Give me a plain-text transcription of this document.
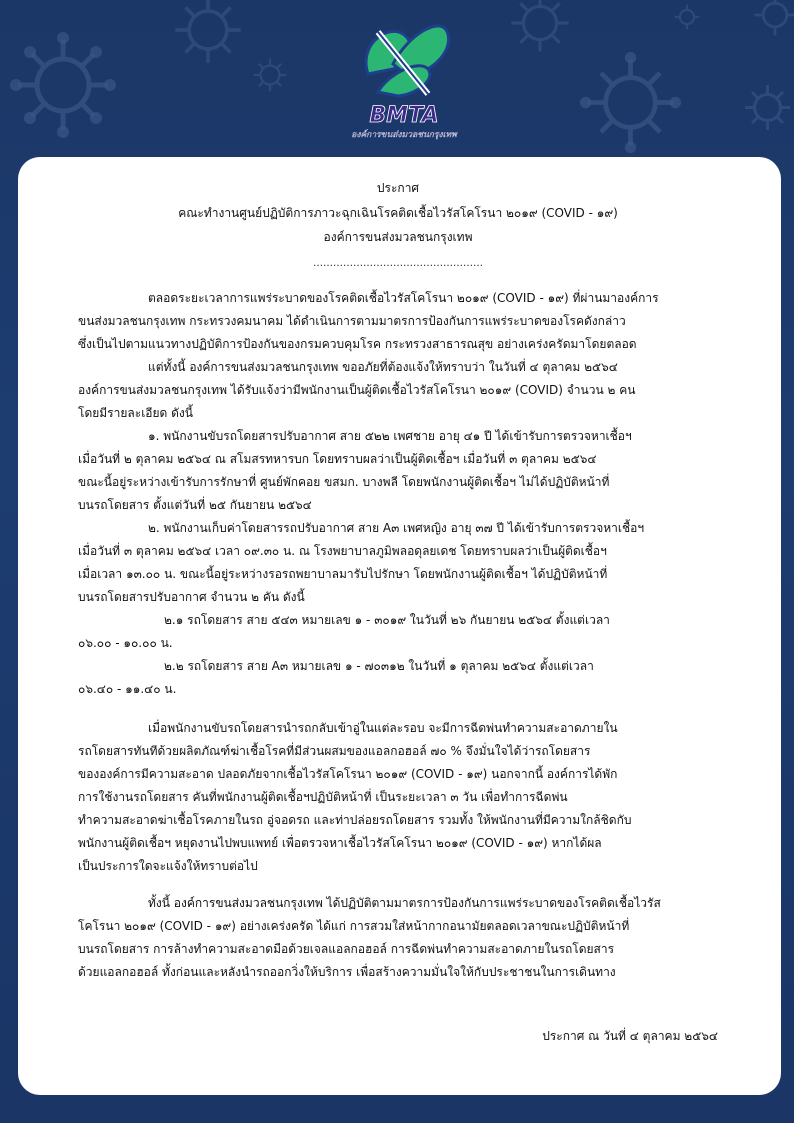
BMTA
องค์การขนส่งมวลชนกรุงเทพ
ประกาศ
คณะทำงานศูนย์ปฏิบัติการภาวะฉุกเฉินโรคติดเชื้อไวรัสโคโรนา ๒๐๑๙ (COVID - ๑๙)
องค์การขนส่งมวลชนกรุงเทพ
……………………………………………
ตลอดระยะเวลาการแพร่ระบาดของโรคติดเชื้อไวรัสโคโรนา ๒๐๑๙ (COVID - ๑๙) ที่ผ่านมาองค์การ
ขนส่งมวลชนกรุงเทพ กระทรวงคมนาคม ได้ดำเนินการตามมาตรการป้องกันการแพร่ระบาดของโรคดังกล่าว
ซึ่งเป็นไปตามแนวทางปฏิบัติการป้องกันของกรมควบคุมโรค กระทรวงสาธารณสุข อย่างเคร่งครัดมาโดยตลอด
แต่ทั้งนี้ องค์การขนส่งมวลชนกรุงเทพ ขออภัยที่ต้องแจ้งให้ทราบว่า ในวันที่ ๔ ตุลาคม ๒๕๖๔
องค์การขนส่งมวลชนกรุงเทพ ได้รับแจ้งว่ามีพนักงานเป็นผู้ติดเชื้อไวรัสโคโรนา ๒๐๑๙ (COVID) จำนวน ๒ คน
โดยมีรายละเอียด ดังนี้
๑. พนักงานขับรถโดยสารปรับอากาศ สาย ๕๒๒ เพศชาย อายุ ๔๑ ปี ได้เข้ารับการตรวจหาเชื้อฯ
เมื่อวันที่ ๒ ตุลาคม ๒๕๖๔ ณ สโมสรทหารบก โดยทราบผลว่าเป็นผู้ติดเชื้อฯ เมื่อวันที่ ๓ ตุลาคม ๒๕๖๔
ขณะนี้อยู่ระหว่างเข้ารับการรักษาที่ ศูนย์พักคอย ขสมก. บางพลี โดยพนักงานผู้ติดเชื้อฯ ไม่ได้ปฏิบัติหน้าที่
บนรถโดยสาร ตั้งแต่วันที่ ๒๕ กันยายน ๒๕๖๔
๒. พนักงานเก็บค่าโดยสารรถปรับอากาศ สาย A๓ เพศหญิง อายุ ๓๗ ปี ได้เข้ารับการตรวจหาเชื้อฯ
เมื่อวันที่ ๓ ตุลาคม ๒๕๖๔ เวลา ๐๙.๓๐ น. ณ โรงพยาบาลภูมิพลอดุลยเดช โดยทราบผลว่าเป็นผู้ติดเชื้อฯ
เมื่อเวลา ๑๓.๐๐ น. ขณะนี้อยู่ระหว่างรอรถพยาบาลมารับไปรักษา โดยพนักงานผู้ติดเชื้อฯ ได้ปฏิบัติหน้าที่
บนรถโดยสารปรับอากาศ จำนวน ๒ คัน ดังนี้
๒.๑ รถโดยสาร สาย ๕๔๓ หมายเลข ๑ - ๓๐๑๙ ในวันที่ ๒๖ กันยายน ๒๕๖๔ ตั้งแต่เวลา
๐๖.๐๐ - ๑๐.๐๐ น.
๒.๒ รถโดยสาร สาย A๓ หมายเลข ๑ - ๗๐๓๑๒ ในวันที่ ๑ ตุลาคม ๒๕๖๔ ตั้งแต่เวลา
๐๖.๔๐ - ๑๑.๔๐ น.
เมื่อพนักงานขับรถโดยสารนำรถกลับเข้าอู่ในแต่ละรอบ จะมีการฉีดพ่นทำความสะอาดภายใน
รถโดยสารทันทีด้วยผลิตภัณฑ์ฆ่าเชื้อโรคที่มีส่วนผสมของแอลกอฮอล์ ๗๐ % จึงมั่นใจได้ว่ารถโดยสาร
ขององค์การมีความสะอาด ปลอดภัยจากเชื้อไวรัสโคโรนา ๒๐๑๙ (COVID - ๑๙) นอกจากนี้ องค์การได้พัก
การใช้งานรถโดยสาร คันที่พนักงานผู้ติดเชื้อฯปฏิบัติหน้าที่ เป็นระยะเวลา ๓ วัน เพื่อทำการฉีดพ่น
ทำความสะอาดฆ่าเชื้อโรคภายในรถ อู่จอดรถ และท่าปล่อยรถโดยสาร รวมทั้ง ให้พนักงานที่มีความใกล้ชิดกับ
พนักงานผู้ติดเชื้อฯ หยุดงานไปพบแพทย์ เพื่อตรวจหาเชื้อไวรัสโคโรนา ๒๐๑๙ (COVID - ๑๙) หากได้ผล
เป็นประการใดจะแจ้งให้ทราบต่อไป
ทั้งนี้ องค์การขนส่งมวลชนกรุงเทพ ได้ปฏิบัติตามมาตรการป้องกันการแพร่ระบาดของโรคติดเชื้อไวรัส
โคโรนา ๒๐๑๙ (COVID - ๑๙) อย่างเคร่งครัด ได้แก่ การสวมใส่หน้ากากอนามัยตลอดเวลาขณะปฏิบัติหน้าที่
บนรถโดยสาร การล้างทำความสะอาดมือด้วยเจลแอลกอฮอล์ การฉีดพ่นทำความสะอาดภายในรถโดยสาร
ด้วยแอลกอฮอล์ ทั้งก่อนและหลังนำรถออกวิ่งให้บริการ เพื่อสร้างความมั่นใจให้กับประชาชนในการเดินทาง
ประกาศ ณ วันที่ ๔ ตุลาคม ๒๕๖๔
